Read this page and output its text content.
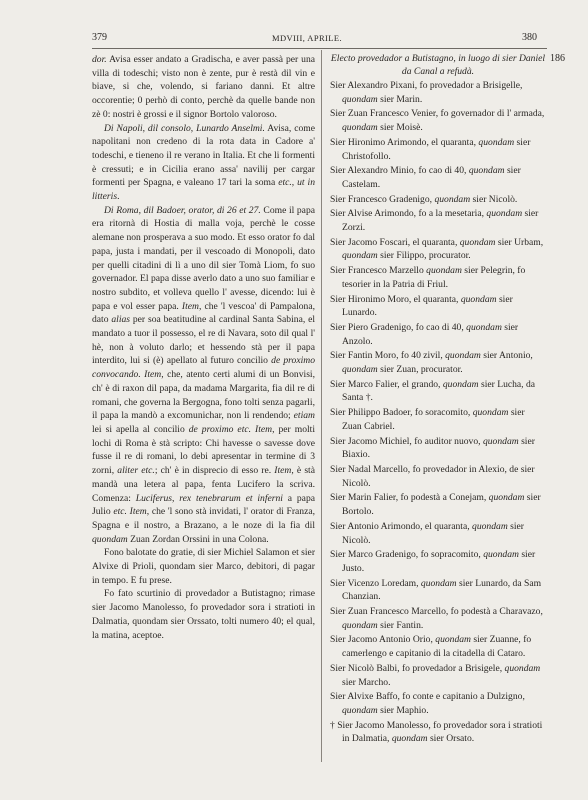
379	MDVIII, APRILE.	380
186

dor. Avisa esser andato a Gradischa, e aver passà per una villa di todeschi; visto non è zente, pur è restà dil vin e biave, si che, volendo, si fariano danni. Et altre occorentie; 0 perhò di conto, perchè da quelle bande non zè 0: nostri è grossi e il signor Bortolo valoroso.

Di Napoli, dil consolo, Lunardo Anselmi. Avisa, come napolitani non credeno di la rota data in Cadore a' todeschi, e tieneno il re verano in Italia. Et che li formenti è cressuti; e in Cicilia erano assa' navilij per cargar formenti per Spagna, e valeano 17 tari la soma etc., ut in litteris.

Di Roma, dil Badoer, orator, di 26 et 27. Come il papa era ritornà di Hostia di malla voja, perchè le cosse alemane non prosperava a suo modo. Et esso orator fo dal papa, justa i mandati, per il vescoado di Monopoli, dato per quelli citadini di lì a uno dil sier Tomà Liom, fo suo governador. El papa disse averlo dato a uno suo familiar e nostro subdito, et volleva quello l' avesse, dicendo: lui è papa e vol esser papa. Item, che 'l vescoa' di Pampalona, dato alias per soa beatitudine al cardinal Santa Sabina, el mandato a tuor il possesso, el re di Navara, soto dil qual l' hè, non à voluto darlo; et hessendo stà per il papa interdito, lui si (è) apellato al futuro concilio de proximo convocando. Item, che, atento certi alumi di un Bonvisi, ch' è di raxon dil papa, da madama Margarita, fia dil re di romani, che governa la Bergogna, fono tolti senza pagarli, il papa la mandò a excomunichar, non li rendendo; etiam lei si apella al concilio de proximo etc. Item, per molti lochi di Roma è stà scripto: Chi havesse o savesse dove fusse il re di romani, lo debi apresentar in termine di 3 zorni, aliter etc.; ch' è in disprecio di esso re. Item, è stà mandà una letera al papa, fenta Lucifero la scriva. Comenza: Luciferus, rex tenebrarum et inferni a papa Julio etc. Item, che 'l sono stà invidati, l' orator di Franza, Spagna e il nostro, a Brazano, a le noze di la fia dil quondam Zuan Zordan Orssini in una Colona.

Fono balotate do gratie, di sier Michiel Salamon et sier Alvixe di Prioli, quondam sier Marco, debitori, di pagar in tempo. E fu prese.

Fo fato scurtinio di provedador a Butistagno; rimase sier Jacomo Manolesso, fo provedador sora i stratioti in Dalmatia, quondam sier Orssato, tolti numero 40; el qual, la matina, aceptoe.

Electo provedador a Butistagno, in luogo di sier Daniel da Canal a refudà.

Sier Alexandro Pixani, fo provedador a Brisigelle, quondam sier Marin.

Sier Zuan Francesco Venier, fo governador di l' armada, quondam sier Moisè.

Sier Hironimo Arimondo, el quaranta, quondam sier Christofollo.

Sier Alexandro Minio, fo cao di 40, quondam sier Castelam.

Sier Francesco Gradenigo, quondam sier Nicolò.

Sier Alvise Arimondo, fo a la mesetaria, quondam sier Zorzi.

Sier Jacomo Foscari, el quaranta, quondam sier Urbam, quondam sier Filippo, procurator.

Sier Francesco Marzello quondam sier Pelegrin, fo tesorier in la Patria di Friul.

Sier Hironimo Moro, el quaranta, quondam sier Lunardo.

Sier Piero Gradenigo, fo cao di 40, quondam sier Anzolo.

Sier Fantin Moro, fo 40 zivil, quondam sier Antonio, quondam sier Zuan, procurator.

Sier Marco Falier, el grando, quondam sier Lucha, da Santa †.

Sier Philippo Badoer, fo soracomito, quondam sier Zuan Cabriel.

Sier Jacomo Michiel, fo auditor nuovo, quondam sier Biaxio.

Sier Nadal Marcello, fo provedador in Alexio, de sier Nicolò.

Sier Marin Falier, fo podestà a Conejam, quondam sier Bortolo.

Sier Antonio Arimondo, el quaranta, quondam sier Nicolò.

Sier Marco Gradenigo, fo sopracomito, quondam sier Justo.

Sier Vicenzo Loredam, quondam sier Lunardo, da Sam Chanzian.

Sier Zuan Francesco Marcello, fo podestà a Charavazo, quondam sier Fantin.

Sier Jacomo Antonio Orio, quondam sier Zuanne, fo camerlengo e capitanio di la citadella di Cataro.

Sier Nicolò Balbi, fo provedador a Brisigele, quondam sier Marcho.

Sier Alvixe Baffo, fo conte e capitanio a Dulzigno, quondam sier Maphio.

† Sier Jacomo Manolesso, fo provedador sora i stratioti in Dalmatia, quondam sier Orsato.
